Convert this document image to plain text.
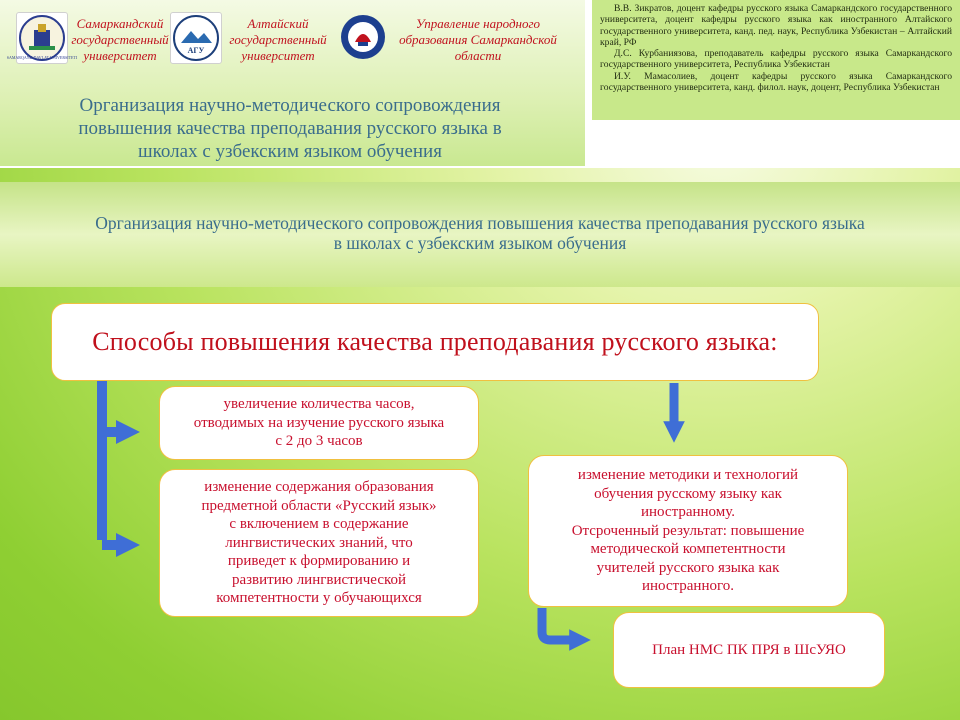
SAMARQAND DAVLAT UNIVERSITETI
Самаркандский
государственный
университет	АГУ
Алтайский
государственный
университет
Управление народного
образования Самаркандской
области
Организация научно-методического сопровождения
повышения качества преподавания русского языка в
школах с узбекским языком обучения

В.В. Зикратов, доцент кафедры русского языка Самаркандского государственного университета, доцент кафедры русского языка как иностранного Алтайского государственного университета, канд. пед. наук, Республика Узбекистан – Алтайский край, РФ

Д.С. Курбаниязова, преподаватель кафедры русского языка Самаркандского государственного университета, Республика Узбекистан

И.У. Мамасолиев, доцент кафедры русского языка Самаркандского государственного университета, канд. филол. наук, доцент, Республика Узбекистан

Организация научно-методического сопровождения повышения качества преподавания русского языка
в школах с узбекским языком обучения
Способы повышения качества преподавания русского языка:
увеличение количества часов,
отводимых на изучение русского языка
с 2 до 3 часов
изменение содержания образования
предметной области «Русский язык»
с включением в содержание
лингвистических знаний, что
приведет к формированию и
развитию лингвистической
компетентности у обучающихся
изменение методики и технологий
обучения русскому языку как
иностранному.
Отсроченный результат: повышение
методической компетентности
учителей русского языка как
иностранного.
План НМС ПК ПРЯ в ШсУЯО
